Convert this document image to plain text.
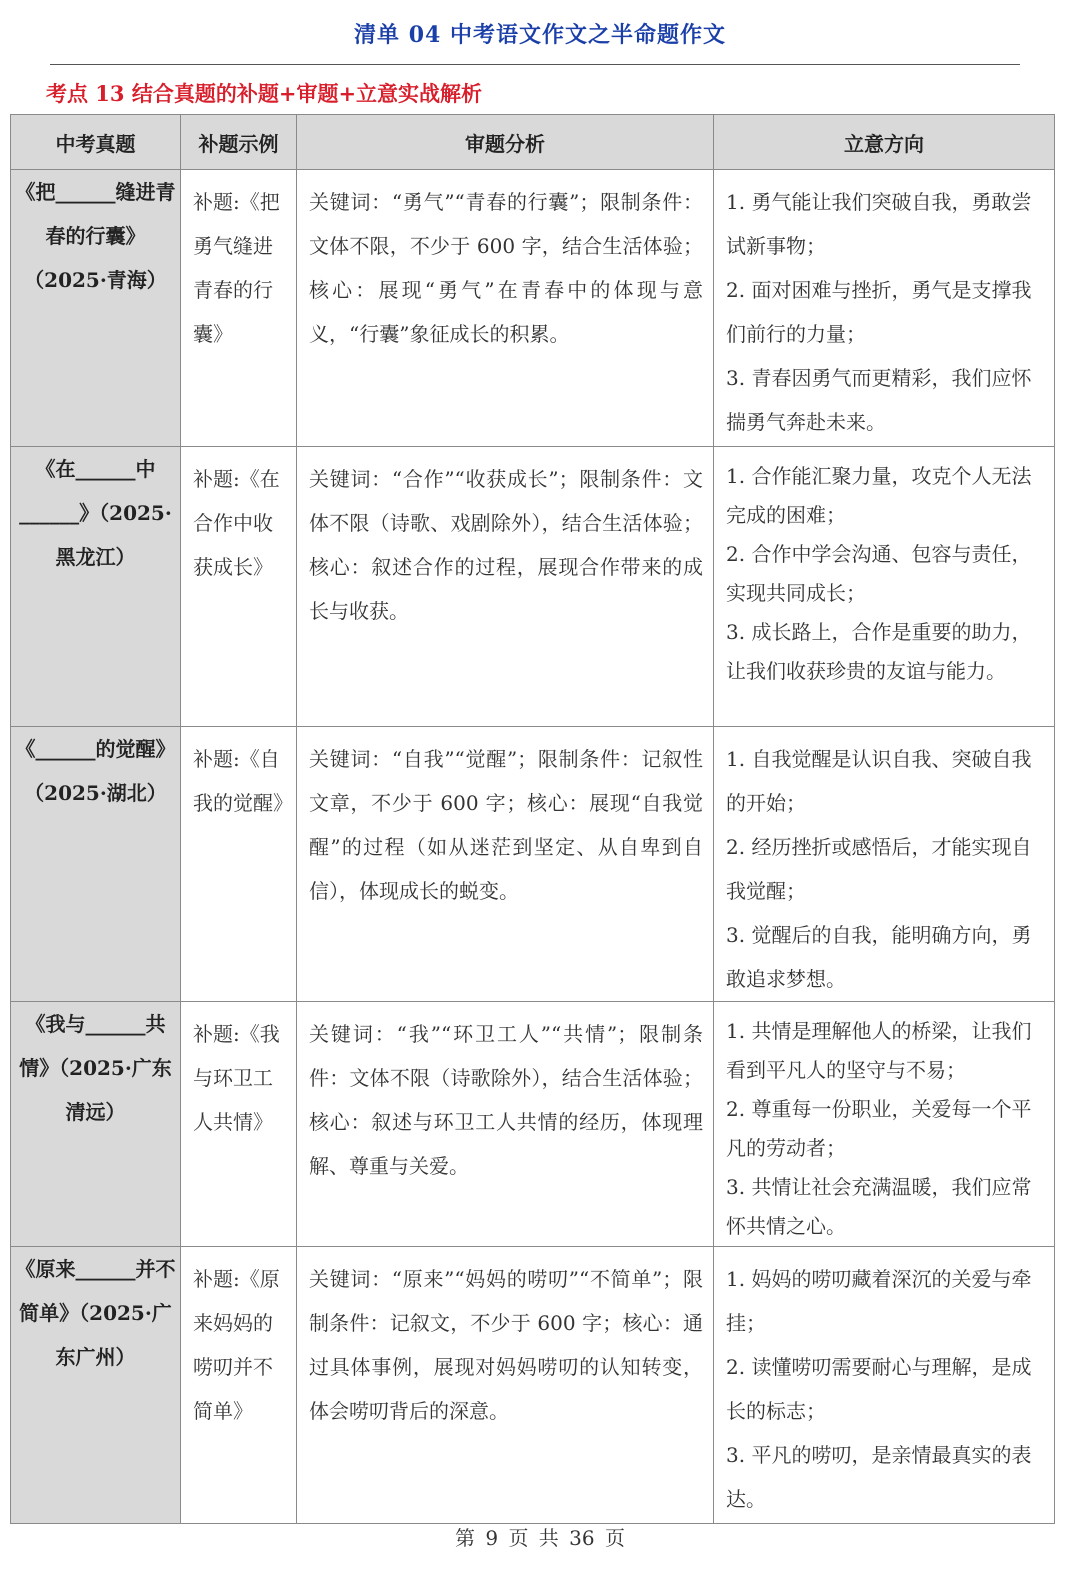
清单 04 中考语文作文之半命题作文
考点 13 结合真题的补题+审题+立意实战解析
中考真题	补题示例	审题分析	立意方向
《把______缝进青春的行囊》（2025·青海）	补题:《把勇气缝进青春的行囊》	关键词：“勇气”“青春的行囊”；限制条件：文体不限，不少于 600 字，结合生活体验；核心：展现“勇气”在青春中的体现与意义，“行囊”象征成长的积累。	1. 勇气能让我们突破自我，勇敢尝试新事物；
2. 面对困难与挫折，勇气是支撑我们前行的力量；
3. 青春因勇气而更精彩，我们应怀揣勇气奔赴未来。

《在______中______》（2025·黑龙江）	补题:《在合作中收获成长》	关键词：“合作”“收获成长”；限制条件：文体不限（诗歌、戏剧除外），结合生活体验；核心：叙述合作的过程，展现合作带来的成长与收获。	1. 合作能汇聚力量，攻克个人无法完成的困难；
2. 合作中学会沟通、包容与责任，实现共同成长；
3. 成长路上，合作是重要的助力，让我们收获珍贵的友谊与能力。

《______的觉醒》（2025·湖北）	补题:《自我的觉醒》	关键词：“自我”“觉醒”；限制条件：记叙性文章，不少于 600 字；核心：展现“自我觉醒”的过程（如从迷茫到坚定、从自卑到自信），体现成长的蜕变。	1. 自我觉醒是认识自我、突破自我的开始；
2. 经历挫折或感悟后，才能实现自我觉醒；
3. 觉醒后的自我，能明确方向，勇敢追求梦想。

《我与______共情》（2025·广东清远）	补题:《我与环卫工人共情》	关键词：“我”“环卫工人”“共情”；限制条件：文体不限（诗歌除外），结合生活体验；核心：叙述与环卫工人共情的经历，体现理解、尊重与关爱。	1. 共情是理解他人的桥梁，让我们看到平凡人的坚守与不易；
2. 尊重每一份职业，关爱每一个平凡的劳动者；
3. 共情让社会充满温暖，我们应常怀共情之心。

《原来______并不简单》（2025·广东广州）	补题:《原来妈妈的唠叨并不简单》	关键词：“原来”“妈妈的唠叨”“不简单”；限制条件：记叙文，不少于 600 字；核心：通过具体事例，展现对妈妈唠叨的认知转变，体会唠叨背后的深意。	1. 妈妈的唠叨藏着深沉的关爱与牵挂；
2. 读懂唠叨需要耐心与理解，是成长的标志；
3. 平凡的唠叨，是亲情最真实的表达。
第 9 页 共 36 页
